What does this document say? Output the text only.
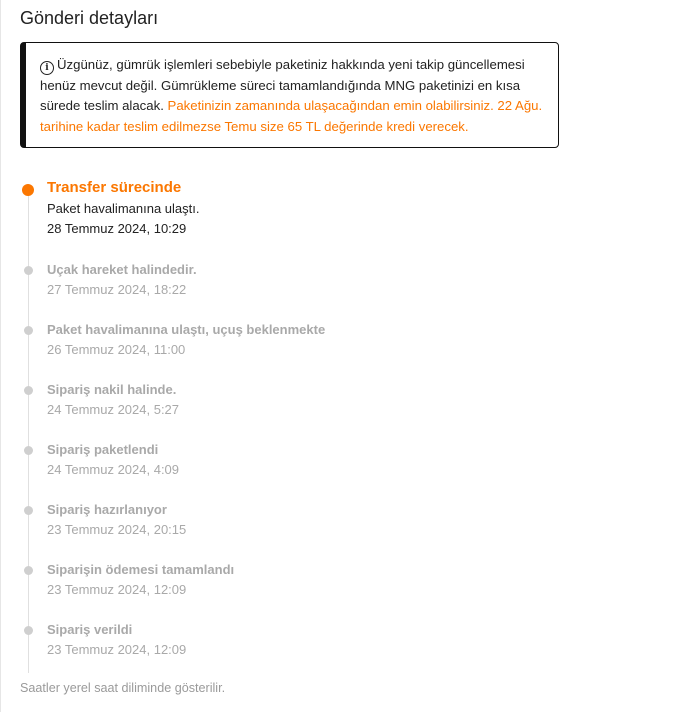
Gönderi detayları
i Üzgünüz, gümrük işlemleri sebebiyle paketiniz hakkında yeni takip güncellemesi henüz mevcut değil. Gümrükleme süreci tamamlandığında MNG paketinizi en kısa sürede teslim alacak. Paketinizin zamanında ulaşacağından emin olabilirsiniz. 22 Ağu. tarihine kadar teslim edilmezse Temu size 65 TL değerinde kredi verecek.
Transfer sürecinde
Paket havalimanına ulaştı.
28 Temmuz 2024, 10:29
Uçak hareket halindedir.
27 Temmuz 2024, 18:22
Paket havalimanına ulaştı, uçuş beklenmekte
26 Temmuz 2024, 11:00
Sipariş nakil halinde.
24 Temmuz 2024, 5:27
Sipariş paketlendi
24 Temmuz 2024, 4:09
Sipariş hazırlanıyor
23 Temmuz 2024, 20:15
Siparişin ödemesi tamamlandı
23 Temmuz 2024, 12:09
Sipariş verildi
23 Temmuz 2024, 12:09
Saatler yerel saat diliminde gösterilir.
